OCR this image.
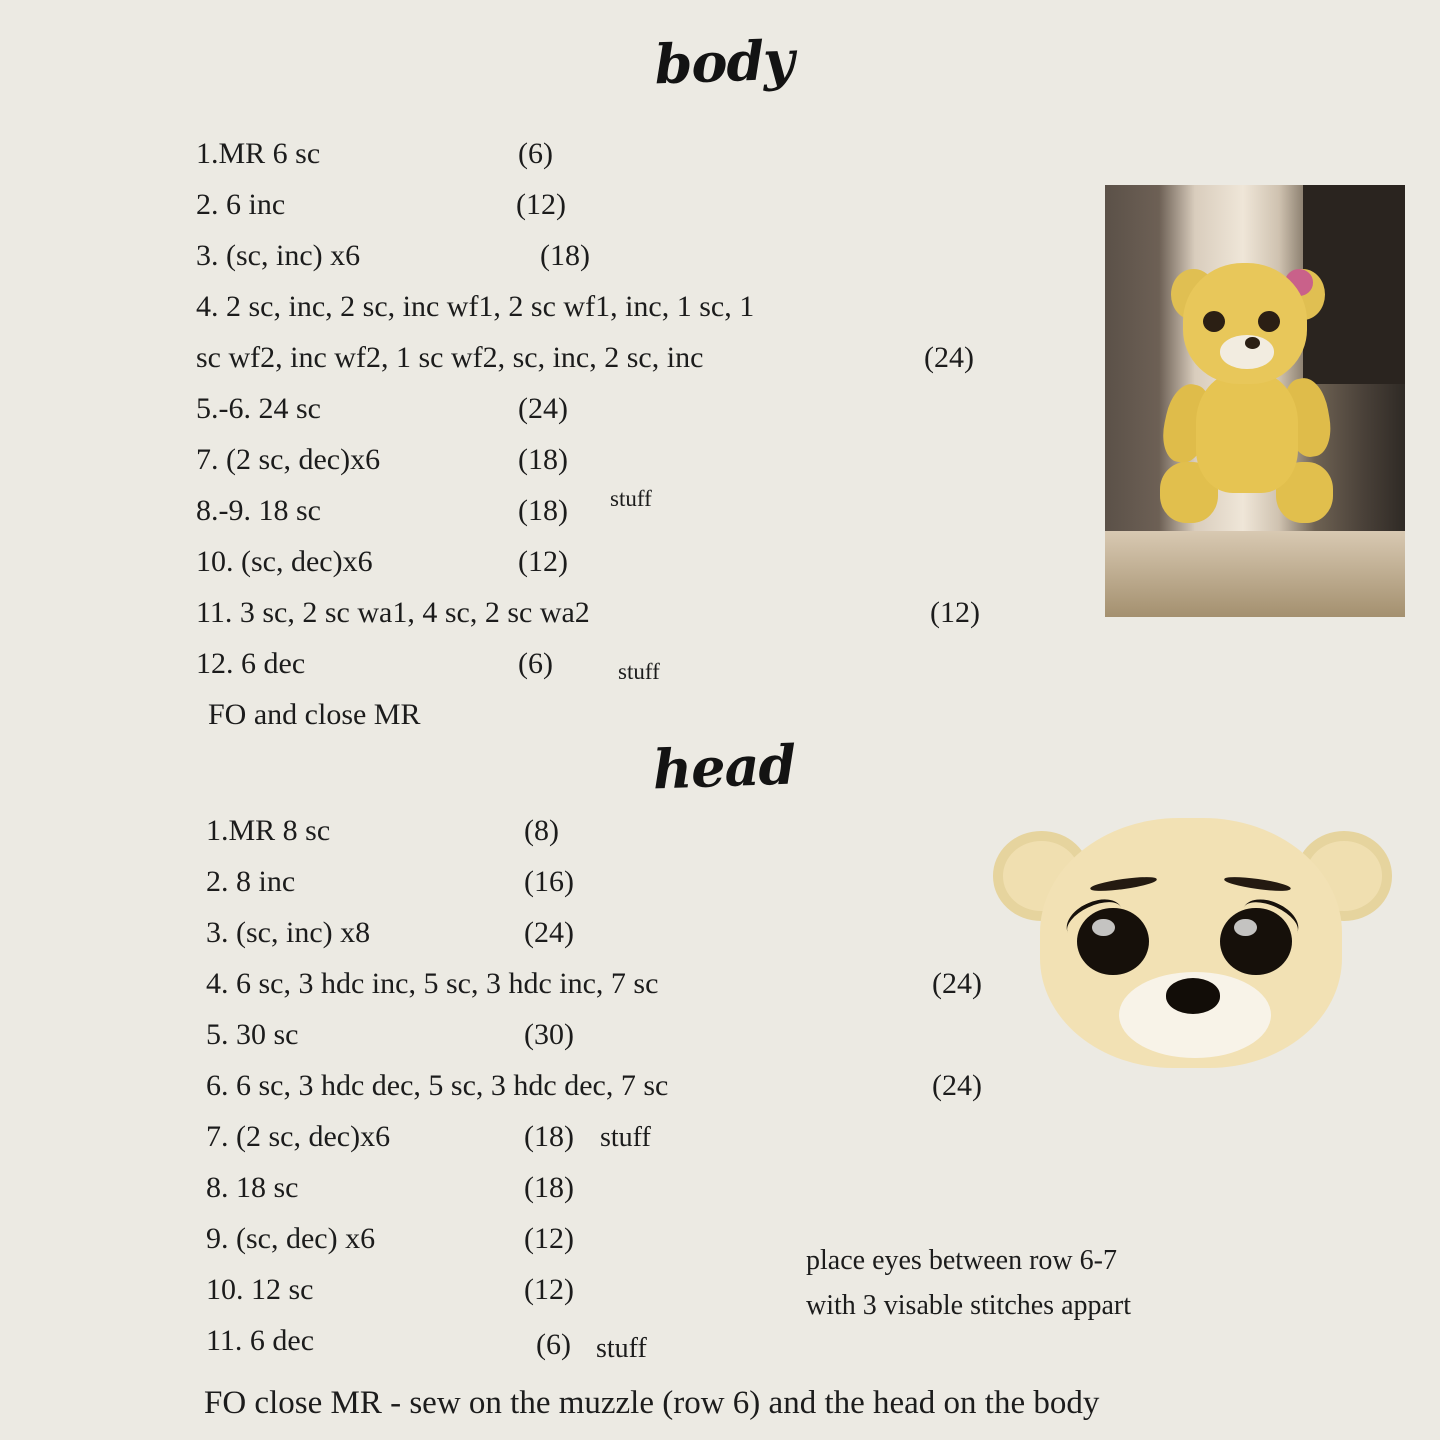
body
1.MR 6 sc	(6)
2. 6 inc	(12)
3. (sc, inc) x6	(18)
4. 2 sc, inc, 2 sc, inc wf1, 2 sc wf1, inc, 1 sc, 1
sc wf2, inc wf2, 1 sc wf2, sc, inc, 2 sc, inc	(24)
5.-6. 24 sc	(24)
7. (2 sc, dec)x6	(18)
8.-9. 18 sc	(18) stuff
10. (sc, dec)x6	(12)
11. 3 sc, 2 sc wa1, 4 sc, 2 sc wa2	(12)
12. 6 dec	(6)	stuff
FO and close MR
head
1.MR 8 sc	(8)
2. 8 inc	(16)
3. (sc, inc) x8	(24)
4. 6 sc, 3 hdc inc, 5 sc, 3 hdc inc, 7 sc	(24)
5. 30 sc	(30)
6. 6 sc, 3 hdc dec, 5 sc, 3 hdc dec, 7 sc	(24)
7. (2 sc, dec)x6	(18) stuff
8. 18 sc	(18)
9. (sc, dec) x6	(12)
10. 12 sc	(12)
11. 6 dec	(6) stuff
place eyes between row 6-7
with 3 visable stitches appart
FO close MR - sew on the muzzle (row 6) and the head on the body
